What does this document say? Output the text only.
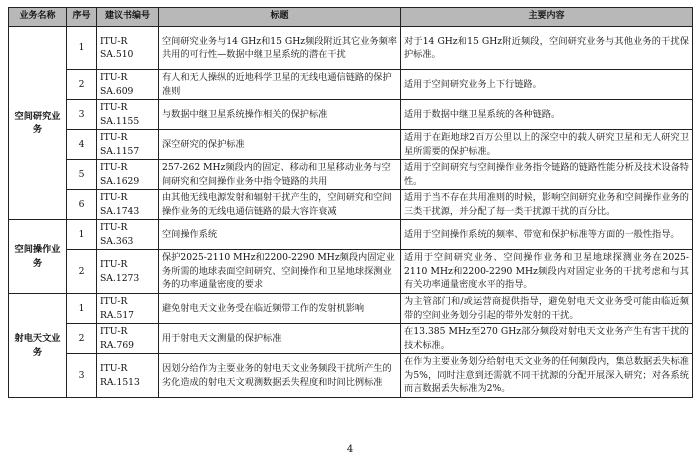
业务名称	序号	建议书编号	标题	主要内容
空间研究业务	1	ITU-R SA.510	空间研究业务与14 GHz和15 GHz频段附近其它业务频率共用的可行性—数据中继卫星系统的潜在干扰	对于14 GHz和15 GHz附近频段，空间研究业务与其他业务的干扰保护标准。
	2	ITU-R SA.609	有人和无人操纵的近地科学卫星的无线电通信链路的保护准则	适用于空间研究业务上下行链路。
	3	ITU-R SA.1155	与数据中继卫星系统操作相关的保护标准	适用于数据中继卫星系统的各种链路。
	4	ITU-R SA.1157	深空研究的保护标准	适用于在距地球2百万公里以上的深空中的载人研究卫星和无人研究卫星所需要的保护标准。
	5	ITU-R SA.1629	257-262 MHz频段内的固定、移动和卫星移动业务与空间研究和空间操作业务中指令链路的共用	适用于空间研究与空间操作业务指令链路的链路性能分析及技术设备特性。
	6	ITU-R SA.1743	由其他无线电源发射和辐射干扰产生的，空间研究和空间操作业务的无线电通信链路的最大容许衰减	适用于当不存在共用准则的时候，影响空间研究业务和空间操作业务的三类干扰源，并分配了每一类干扰源干扰的百分比。
空间操作业务	1	ITU-R SA.363	空间操作系统	适用于空间操作系统的频率、带宽和保护标准等方面的一般性指导。
	2	ITU-R SA.1273	保护2025-2110 MHz和2200-2290 MHz频段内固定业务所需的地球表面空间研究、空间操作和卫星地球探测业务的功率通量密度的要求	适用于空间研究业务、空间操作业务和卫星地球探测业务在2025-2110 MHz和2200-2290 MHz频段内对固定业务的干扰考虑和与其有关功率通量密度水平的指导。
射电天文业务	1	ITU-R RA.517	避免射电天文业务受在临近频带工作的发射机影响	为主管部门和/或运营商提供指导，避免射电天文业务受可能由临近频带的空间业务划分引起的带外发射的干扰。
	2	ITU-R RA.769	用于射电天文测量的保护标准	在13.385 MHz至270 GHz部分频段对射电天文业务产生有害干扰的技术标准。
	3	ITU-R RA.1513	因划分给作为主要业务的射电天文业务频段干扰所产生的劣化造成的射电天文观测数据丢失程度和时间比例标准	在作为主要业务划分给射电天文业务的任何频段内，集总数据丢失标准为5%，同时注意到还需就不同干扰源的分配开展深入研究；对各系统而言数据丢失标准为2%。
4
